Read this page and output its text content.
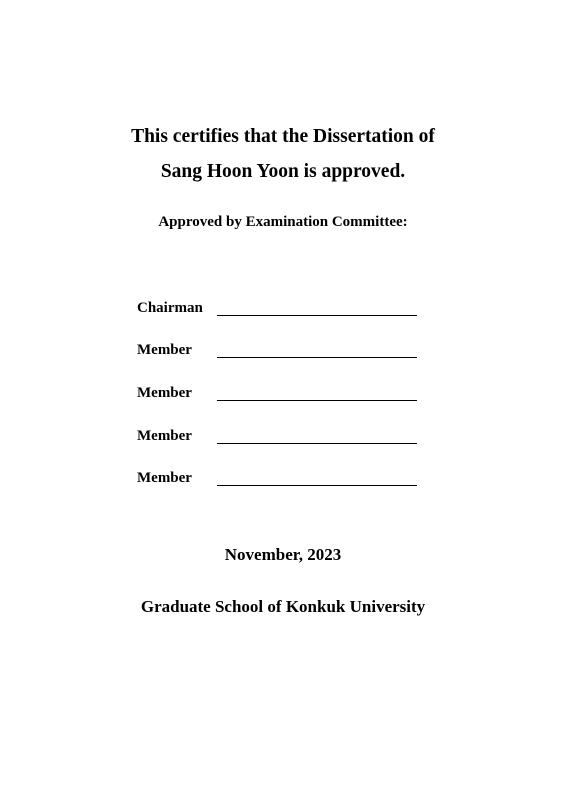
This certifies that the Dissertation of
Sang Hoon Yoon is approved.
Approved by Examination Committee:
Chairman
Member
Member
Member
Member
November, 2023
Graduate School of Konkuk University
